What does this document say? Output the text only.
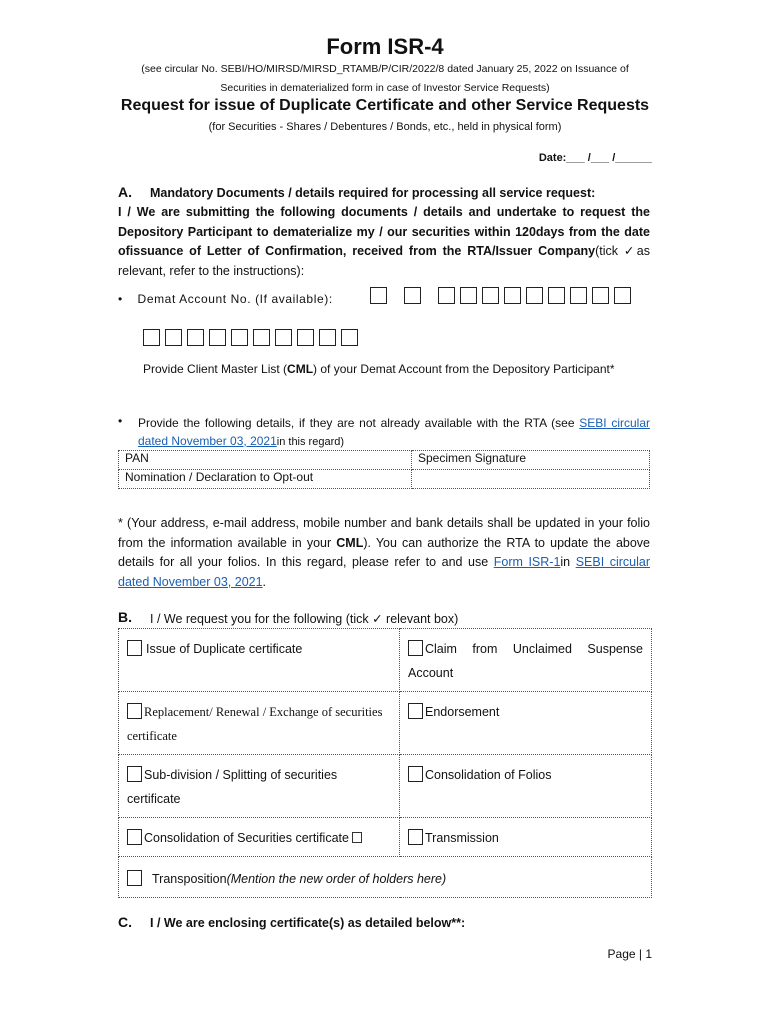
Form ISR-4
(see circular No. SEBI/HO/MIRSD/MIRSD_RTAMB/P/CIR/2022/8 dated January 25, 2022 on Issuance of
Securities in dematerialized form in case of Investor Service Requests)
Request for issue of Duplicate Certificate and other Service Requests
(for Securities - Shares / Debentures / Bonds, etc., held in physical form)
Date:___ /___ /______
A. Mandatory Documents / details required for processing all service request:
I / We are submitting the following documents / details and undertake to request the Depository Participant to dematerialize my / our securities within 120days from the date ofissuance of Letter of Confirmation, received from the RTA/Issuer Company(tick ✓as relevant, refer to the instructions):
• Demat Account No. (If available):
Provide Client Master List (CML) of your Demat Account from the Depository Participant*
• Provide the following details, if they are not already available with the RTA (see SEBI circular dated November 03, 2021in this regard)
PAN	Specimen Signature
Nomination / Declaration to Opt-out	
* (Your address, e-mail address, mobile number and bank details shall be updated in your folio from the information available in your CML). You can authorize the RTA to update the above details for all your folios. In this regard, please refer to and use Form ISR-1in SEBI circular dated November 03, 2021.
B. I / We request you for the following (tick ✓ relevant box)
Issue of Duplicate certificate	Claim from Unclaimed Suspense Account
Replacement/ Renewal / Exchange of securities certificate	Endorsement
Sub-division / Splitting of securities certificate	Consolidation of Folios
Consolidation of Securities certificate	Transmission
Transposition(Mention the new order of holders here)	
C. I / We are enclosing certificate(s) as detailed below**:
Page | 1
